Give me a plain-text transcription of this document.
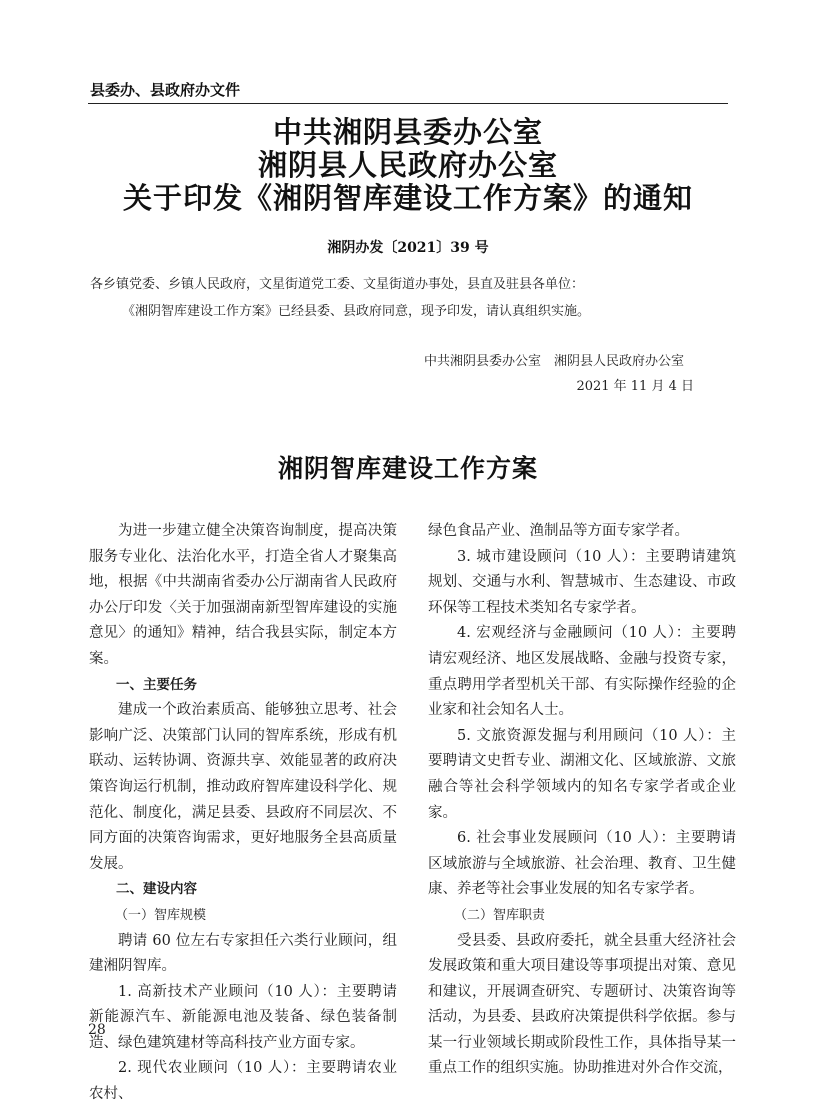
县委办、县政府办文件
中共湘阴县委办公室
湘阴县人民政府办公室
关于印发《湘阴智库建设工作方案》的通知
湘阴办发〔2021〕39 号
各乡镇党委、乡镇人民政府，文星街道党工委、文星街道办事处，县直及驻县各单位：
《湘阴智库建设工作方案》已经县委、县政府同意，现予印发，请认真组织实施。
中共湘阴县委办公室　湘阴县人民政府办公室
2021 年 11 月 4 日
湘阴智库建设工作方案

为进一步建立健全决策咨询制度，提高决策服务专业化、法治化水平，打造全省人才聚集高地，根据《中共湖南省委办公厅湖南省人民政府办公厅印发〈关于加强湖南新型智库建设的实施意见〉的通知》精神，结合我县实际，制定本方案。

一、主要任务

建成一个政治素质高、能够独立思考、社会影响广泛、决策部门认同的智库系统，形成有机联动、运转协调、资源共享、效能显著的政府决策咨询运行机制，推动政府智库建设科学化、规范化、制度化，满足县委、县政府不同层次、不同方面的决策咨询需求，更好地服务全县高质量发展。

二、建设内容

（一）智库规模

聘请 60 位左右专家担任六类行业顾问，组建湘阴智库。

1. 高新技术产业顾问（10 人）：主要聘请新能源汽车、新能源电池及装备、绿色装备制造、绿色建筑建材等高科技产业方面专家。

2. 现代农业顾问（10 人）：主要聘请农业农村、

绿色食品产业、渔制品等方面专家学者。

3. 城市建设顾问（10 人）：主要聘请建筑规划、交通与水利、智慧城市、生态建设、市政环保等工程技术类知名专家学者。

4. 宏观经济与金融顾问（10 人）：主要聘请宏观经济、地区发展战略、金融与投资专家，重点聘用学者型机关干部、有实际操作经验的企业家和社会知名人士。

5. 文旅资源发掘与利用顾问（10 人）：主要聘请文史哲专业、湖湘文化、区域旅游、文旅融合等社会科学领域内的知名专家学者或企业家。

6. 社会事业发展顾问（10 人）：主要聘请区域旅游与全域旅游、社会治理、教育、卫生健康、养老等社会事业发展的知名专家学者。

（二）智库职责

受县委、县政府委托，就全县重大经济社会发展政策和重大项目建设等事项提出对策、意见和建议，开展调查研究、专题研讨、决策咨询等活动，为县委、县政府决策提供科学依据。参与某一行业领域长期或阶段性工作，具体指导某一重点工作的组织实施。协助推进对外合作交流，

28
